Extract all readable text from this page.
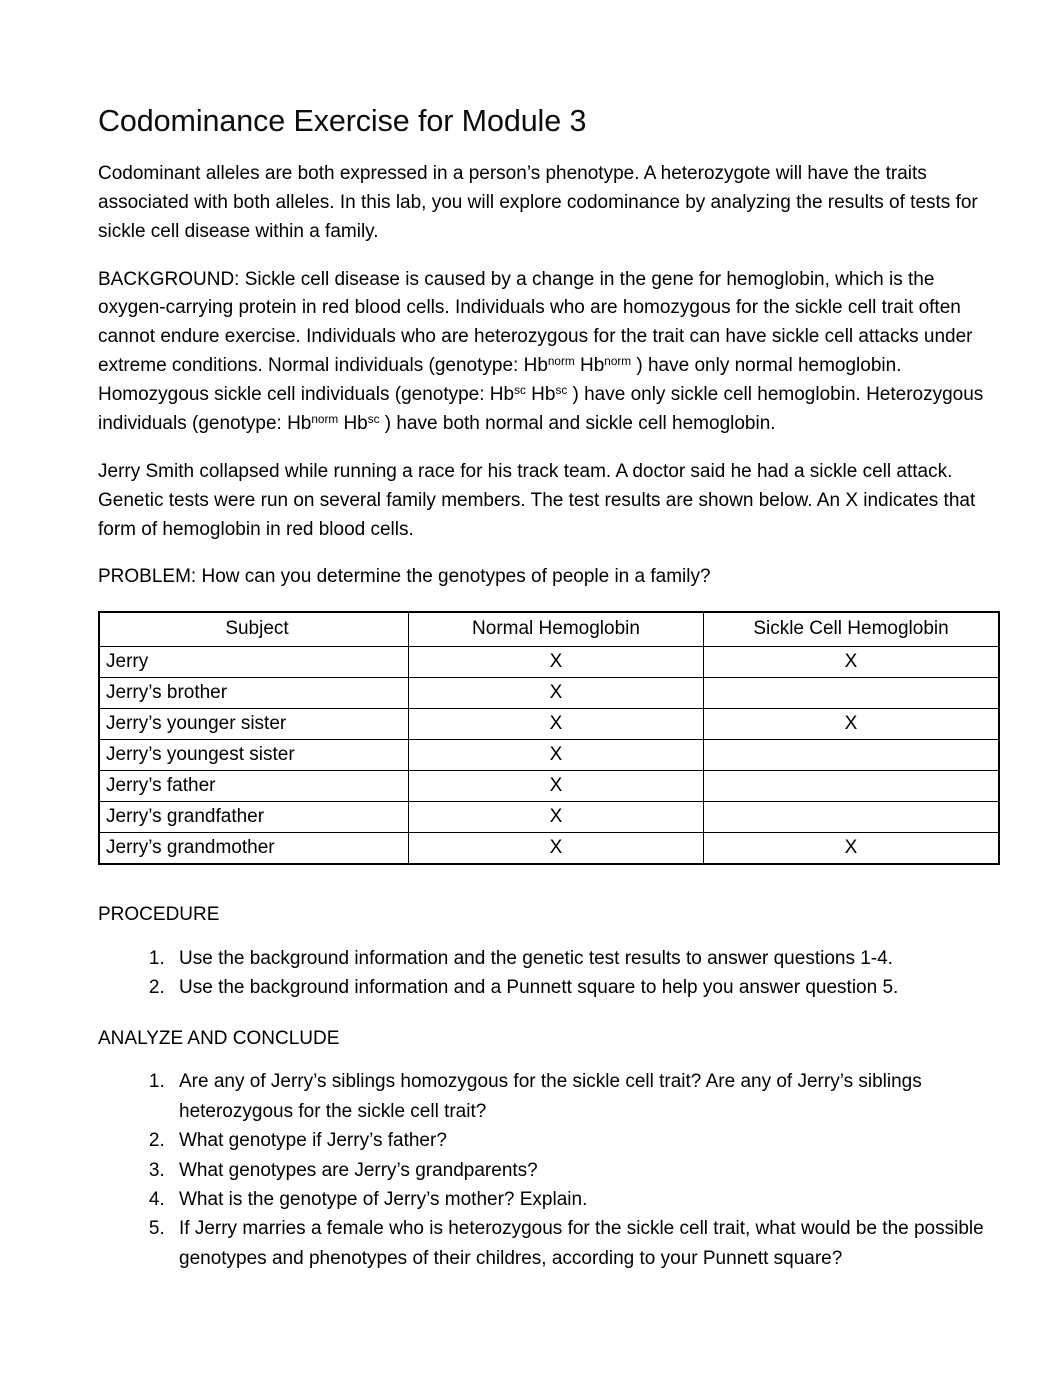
Codominance Exercise for Module 3

Codominant alleles are both expressed in a person’s phenotype. A heterozygote will have the traits associated with both alleles. In this lab, you will explore codominance by analyzing the results of tests for sickle cell disease within a family.

BACKGROUND: Sickle cell disease is caused by a change in the gene for hemoglobin, which is the oxygen-carrying protein in red blood cells. Individuals who are homozygous for the sickle cell trait often cannot endure exercise. Individuals who are heterozygous for the trait can have sickle cell attacks under extreme conditions. Normal individuals (genotype: $Hb^{norm}$ $Hb^{norm}$ ) have only normal hemoglobin. Homozygous sickle cell individuals (genotype: $Hb^{sc}$ $Hb^{sc}$ ) have only sickle cell hemoglobin. Heterozygous individuals (genotype: $Hb^{norm}$ $Hb^{sc}$ ) have both normal and sickle cell hemoglobin.

Jerry Smith collapsed while running a race for his track team. A doctor said he had a sickle cell attack. Genetic tests were run on several family members. The test results are shown below. An X indicates that form of hemoglobin in red blood cells.

PROBLEM: How can you determine the genotypes of people in a family?

Subject	Normal Hemoglobin	Sickle Cell Hemoglobin
Jerry	X	X
Jerry’s brother	X	
Jerry’s younger sister	X	X
Jerry’s youngest sister	X	
Jerry’s father	X	
Jerry’s grandfather	X	
Jerry’s grandmother	X	X

PROCEDURE

1. Use the background information and the genetic test results to answer questions 1-4.
2. Use the background information and a Punnett square to help you answer question 5.

ANALYZE AND CONCLUDE

1. Are any of Jerry’s siblings homozygous for the sickle cell trait? Are any of Jerry’s siblings heterozygous for the sickle cell trait?
2. What genotype if Jerry’s father?
3. What genotypes are Jerry’s grandparents?
4. What is the genotype of Jerry’s mother? Explain.
5. If Jerry marries a female who is heterozygous for the sickle cell trait, what would be the possible genotypes and phenotypes of their childres, according to your Punnett square?
